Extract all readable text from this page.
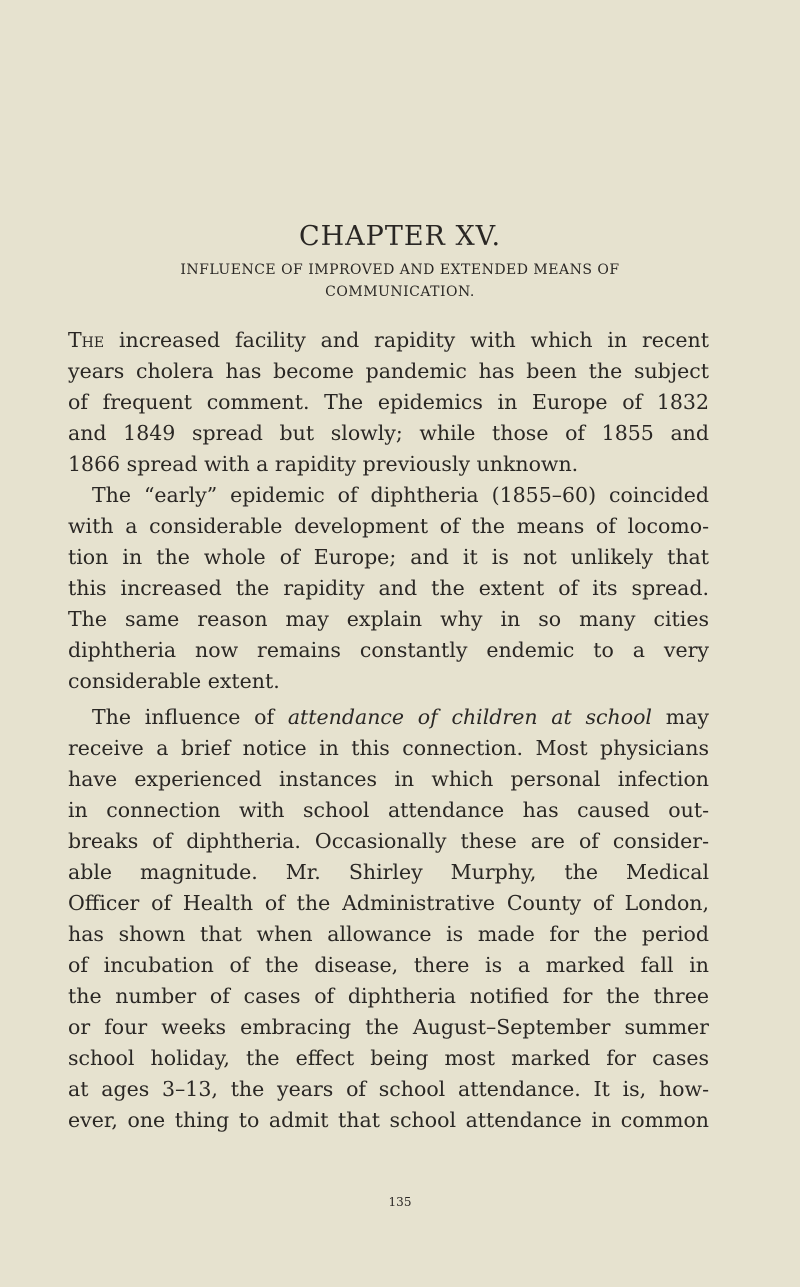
CHAPTER XV.

INFLUENCE OF IMPROVED AND EXTENDED MEANS OF

COMMUNICATION.

The increased facility and rapidity with which in recent
years cholera has become pandemic has been the subject
of frequent comment. The epidemics in Europe of 1832
and 1849 spread but slowly; while those of 1855 and
1866 spread with a rapidity previously unknown.
The “early” epidemic of diphtheria (1855–60) coincided
with a considerable development of the means of locomo-
tion in the whole of Europe; and it is not unlikely that
this increased the rapidity and the extent of its spread.
The same reason may explain why in so many cities
diphtheria now remains constantly endemic to a very
considerable extent.
The influence of attendance of children at school may
receive a brief notice in this connection. Most physicians
have experienced instances in which personal infection
in connection with school attendance has caused out-
breaks of diphtheria. Occasionally these are of consider-
able magnitude. Mr. Shirley Murphy, the Medical
Officer of Health of the Administrative County of London,
has shown that when allowance is made for the period
of incubation of the disease, there is a marked fall in
the number of cases of diphtheria notified for the three
or four weeks embracing the August–September summer
school holiday, the effect being most marked for cases
at ages 3–13, the years of school attendance. It is, how-
ever, one thing to admit that school attendance in common
135
